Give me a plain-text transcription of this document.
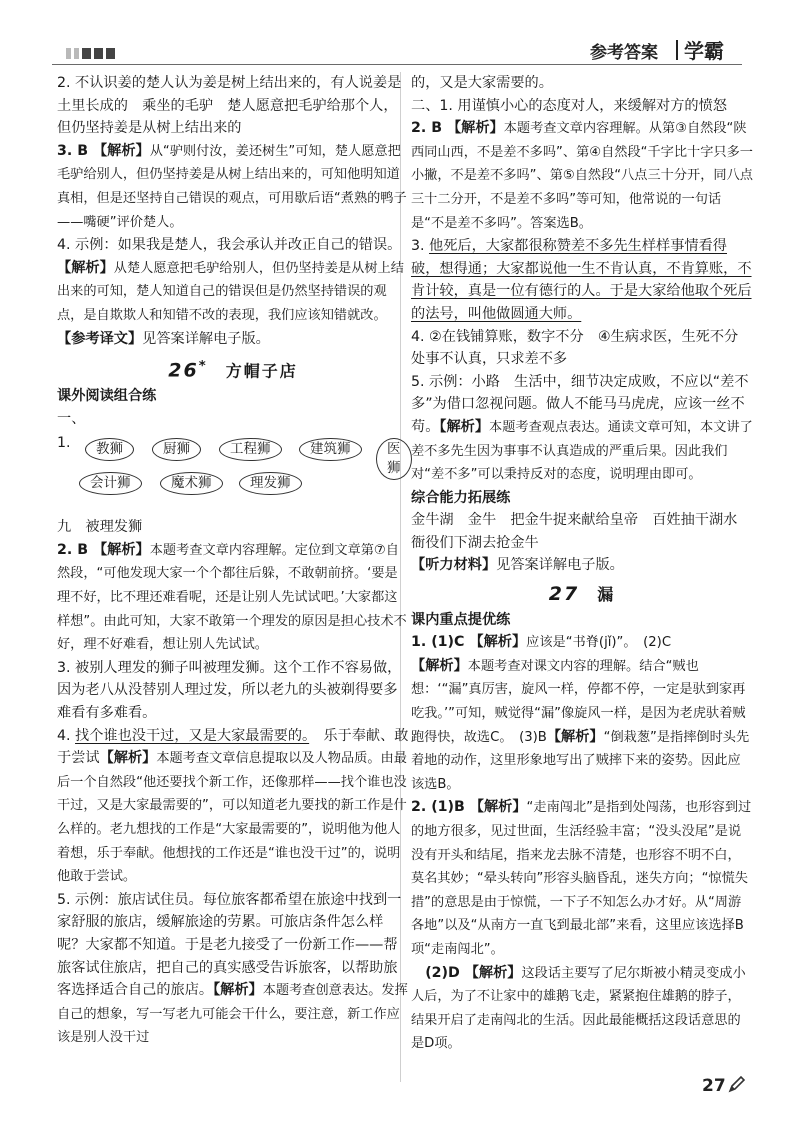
参考答案 学霸

2. 不认识姜的楚人认为姜是树上结出来的，有人说姜是土里长成的　乘坐的毛驴　楚人愿意把毛驴给那个人，但仍坚持姜是从树上结出来的

3. B 【解析】从“驴则付汝，姜还树生”可知，楚人愿意把毛驴给别人，但仍坚持姜是从树上结出来的，可知他明知道真相，但是还坚持自己错误的观点，可用歇后语“煮熟的鸭子——嘴硬”评价楚人。

4. 示例：如果我是楚人，我会承认并改正自己的错误。【解析】从楚人愿意把毛驴给别人，但仍坚持姜是从树上结出来的可知，楚人知道自己的错误但是仍然坚持错误的观点，是自欺欺人和知错不改的表现，我们应该知错就改。

【参考译文】见答案详解电子版。

26*　 方帽子店

课外阅读组合练

一、

1.	教狮	厨狮	工程狮	建筑狮	医狮
会计狮	魔术狮	理发狮

九　被理发狮

2. B 【解析】本题考查文章内容理解。定位到文章第⑦自然段，“可他发现大家一个个都往后躲，不敢朝前挤。‘要是理不好，比不理还难看呢，还是让别人先试试吧。’大家都这样想”。由此可知，大家不敢第一个理发的原因是担心技术不好，理不好难看，想让别人先试试。

3. 被别人理发的狮子叫被理发狮。这个工作不容易做，因为老八从没替别人理过发，所以老九的头被剃得要多难看有多难看。

4. 找个谁也没干过，又是大家最需要的。　乐于奉献、敢于尝试【解析】本题考查文章信息提取以及人物品质。由最后一个自然段“他还要找个新工作，还像那样——找个谁也没干过，又是大家最需要的”，可以知道老九要找的新工作是什么样的。老九想找的工作是“大家最需要的”，说明他为他人着想，乐于奉献。他想找的工作还是“谁也没干过”的，说明他敢于尝试。

5. 示例：旅店试住员。每位旅客都希望在旅途中找到一家舒服的旅店，缓解旅途的劳累。可旅店条件怎么样呢？大家都不知道。于是老九接受了一份新工作——帮旅客试住旅店，把自己的真实感受告诉旅客，以帮助旅客选择适合自己的旅店。【解析】本题考查创意表达。发挥自己的想象，写一写老九可能会干什么，要注意，新工作应该是别人没干过

的，又是大家需要的。

二、1. 用谨慎小心的态度对人，来缓解对方的愤怒

2. B 【解析】本题考查文章内容理解。从第③自然段“陕西同山西，不是差不多吗”、第④自然段“千字比十字只多一小撇，不是差不多吗”、第⑤自然段“八点三十分开，同八点三十二分开，不是差不多吗”等可知，他常说的一句话是“不是差不多吗”。答案选B。

3. 他死后，大家都很称赞差不多先生样样事情看得破，想得通；大家都说他一生不肯认真，不肯算账，不肯计较，真是一位有德行的人。于是大家给他取个死后的法号，叫他做圆通大师。

4. ②在钱铺算账，数字不分　④生病求医，生死不分　处事不认真，只求差不多

5. 示例：小路　生活中，细节决定成败，不应以“差不多”为借口忽视问题。做人不能马马虎虎，应该一丝不苟。【解析】本题考查观点表达。通读文章可知，本文讲了差不多先生因为事事不认真造成的严重后果。因此我们对“差不多”可以秉持反对的态度，说明理由即可。

综合能力拓展练

金牛湖　金牛　把金牛捉来献给皇帝　百姓抽干湖水　衙役们下湖去抢金牛

【听力材料】见答案详解电子版。

27　 漏

课内重点提优练

1. (1)C 【解析】应该是“书脊(jǐ)”。　(2)C

【解析】本题考查对课文内容的理解。结合“贼也想：‘“漏”真厉害，旋风一样，停都不停，一定是驮到家再吃我。’”可知，贼觉得“漏”像旋风一样，是因为老虎驮着贼跑得快，故选C。　(3)B【解析】“倒栽葱”是指摔倒时头先着地的动作，这里形象地写出了贼摔下来的姿势。因此应该选B。

2. (1)B 【解析】“走南闯北”是指到处闯荡，也形容到过的地方很多，见过世面，生活经验丰富；“没头没尾”是说没有开头和结尾，指来龙去脉不清楚，也形容不明不白，莫名其妙；“晕头转向”形容头脑昏乱，迷失方向；“惊慌失措”的意思是由于惊慌，一下子不知怎么办才好。从“周游各地”以及“从南方一直飞到最北部”来看，这里应该选择B项“走南闯北”。

(2)D 【解析】这段话主要写了尼尔斯被小精灵变成小人后，为了不让家中的雄鹅飞走，紧紧抱住雄鹅的脖子，结果开启了走南闯北的生活。因此最能概括这段话意思的是D项。

27
